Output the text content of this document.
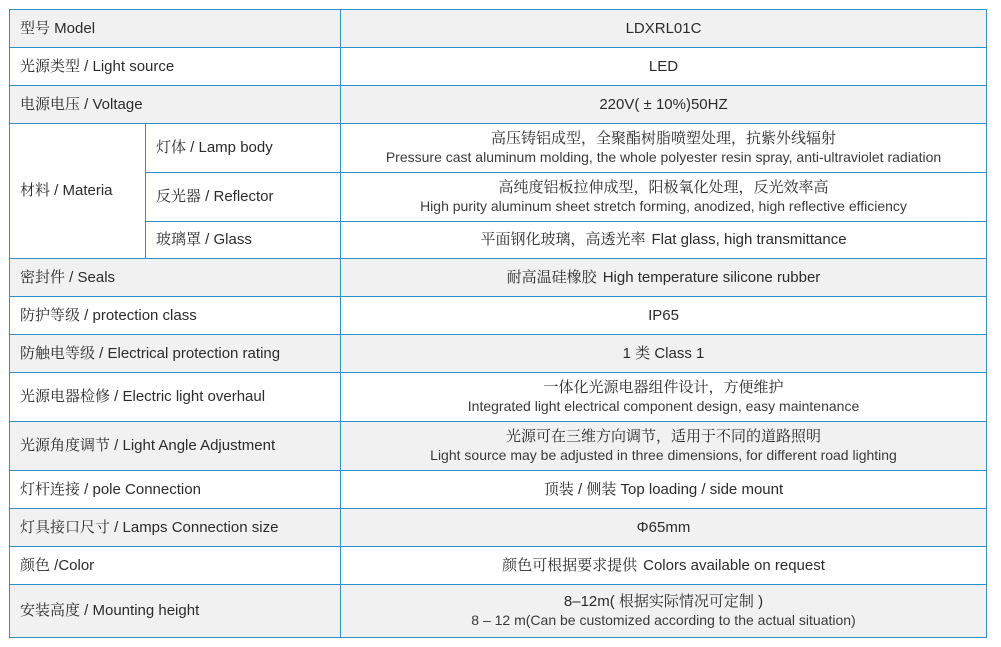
型号 Model		LDXRL01C
光源类型 / Light source		LED
电源电压 / Voltage		220V( ± 10%)50HZ
材料 / Materia	灯体 / Lamp body	高压铸铝成型，全聚酯树脂喷塑处理，抗紫外线辐射
Pressure cast aluminum molding, the whole polyester resin spray, anti-ultraviolet radiation

	反光器 / Reflector	高纯度铝板拉伸成型，阳极氧化处理，反光效率高
High purity aluminum sheet stretch forming, anodized, high reflective efficiency

	玻璃罩 / Glass	平面钢化玻璃，高透光率 Flat glass, high transmittance
密封件 / Seals		耐高温硅橡胶 High temperature silicone rubber
防护等级 / protection class		IP65
防触电等级 / Electrical protection rating		1 类 Class 1
光源电器检修 / Electric light overhaul		一体化光源电器组件设计，方便维护
Integrated light electrical component design, easy maintenance

光源角度调节 / Light Angle Adjustment		光源可在三维方向调节，适用于不同的道路照明
Light source may be adjusted in three dimensions, for different road lighting

灯杆连接 / pole Connection		顶装 / 侧装 Top loading / side mount
灯具接口尺寸 / Lamps Connection size		Φ65mm
颜色 /Color		颜色可根据要求提供 Colors available on request
安装高度 / Mounting height		8–12m( 根据实际情况可定制 )
8 – 12 m(Can be customized according to the actual situation)
